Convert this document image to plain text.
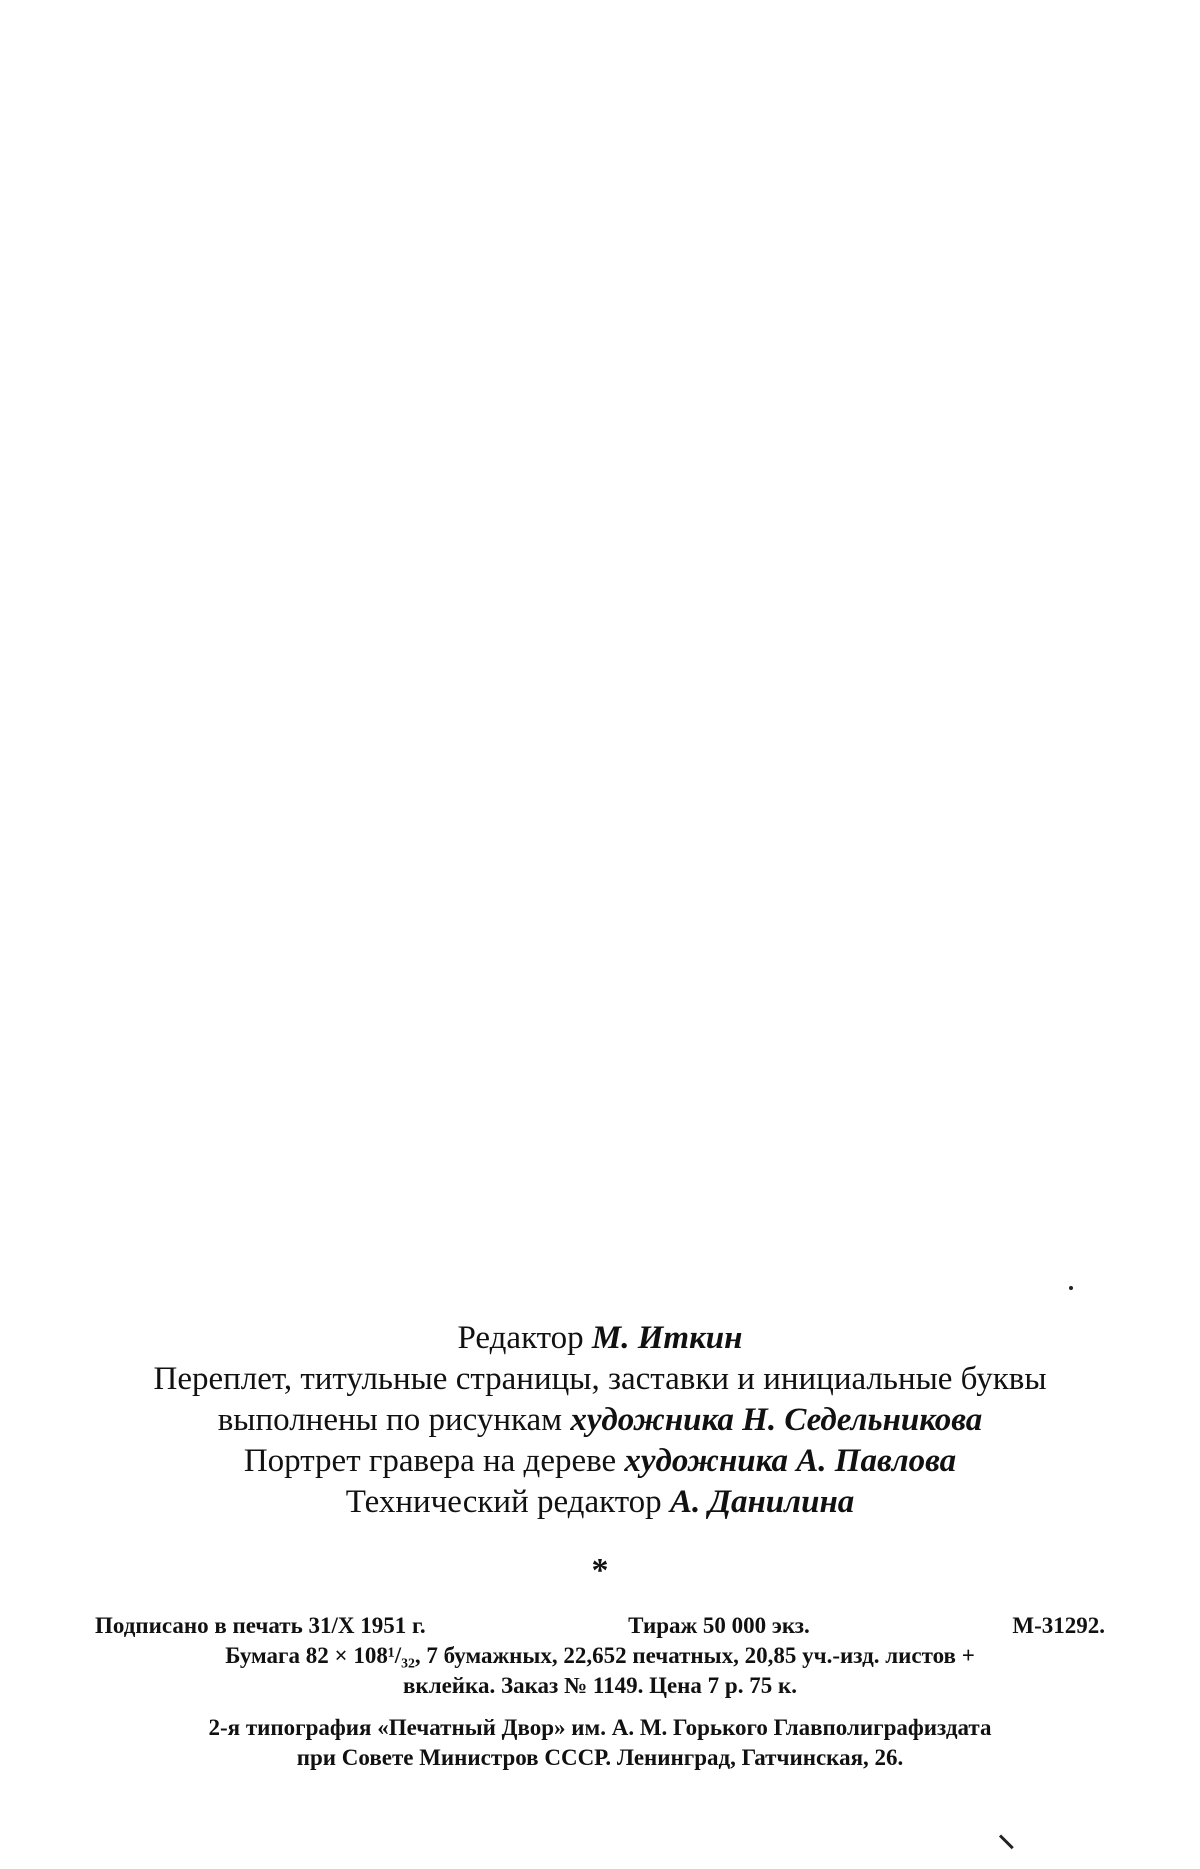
Редактор М. Иткин
Переплет, титульные страницы, заставки и инициальные буквы
выполнены по рисункам художника Н. Седельникова
Портрет гравера на дереве художника А. Павлова
Технический редактор А. Данилина
*
Подписано в печать 31/X 1951 г.	Тираж 50 000 экз.	М-31292.
Бумага 82 × 108¹/₃₂, 7 бумажных, 22,652 печатных, 20,85 уч.-изд. листов +
вклейка. Заказ № 1149. Цена 7 р. 75 к.
2-я типография «Печатный Двор» им. А. М. Горького Главполиграфиздата
при Совете Министров СССР. Ленинград, Гатчинская, 26.
